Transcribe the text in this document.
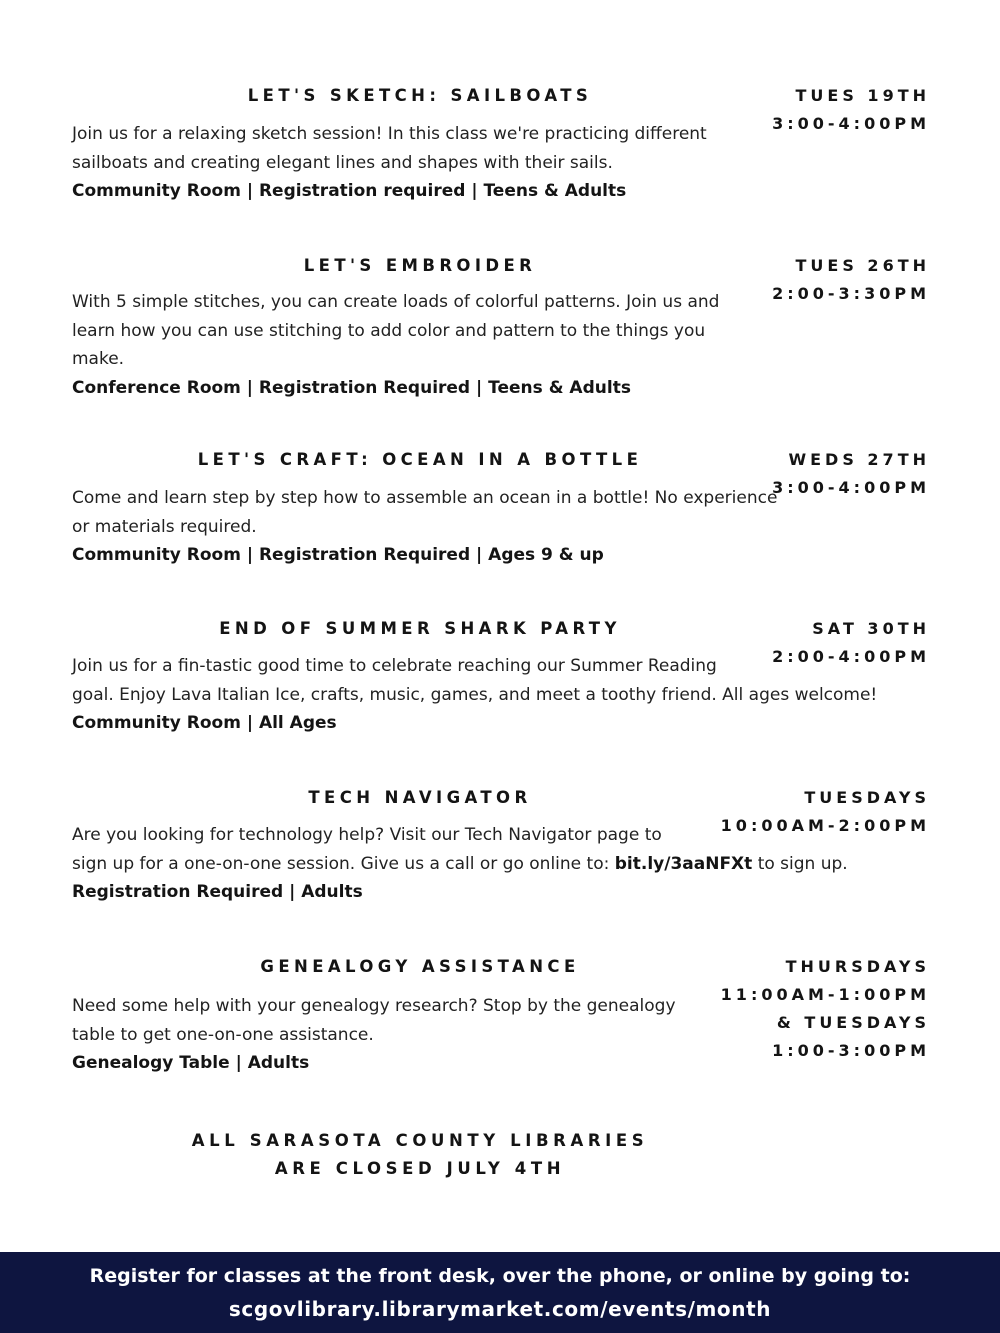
LET'S SKETCH: SAILBOATS	TUES 19TH
3:00-4:00PM
Join us for a relaxing sketch session! In this class we're practicing different
sailboats and creating elegant lines and shapes with their sails.
Community Room | Registration required | Teens & Adults
LET'S EMBROIDER	TUES 26TH
2:00-3:30PM
With 5 simple stitches, you can create loads of colorful patterns. Join us and
learn how you can use stitching to add color and pattern to the things you
make.
Conference Room | Registration Required | Teens & Adults
LET'S CRAFT: OCEAN IN A BOTTLE	WEDS 27TH
3:00-4:00PM
Come and learn step by step how to assemble an ocean in a bottle! No experience
or materials required.
Community Room | Registration Required | Ages 9 & up
END OF SUMMER SHARK PARTY	SAT 30TH
2:00-4:00PM
Join us for a fin-tastic good time to celebrate reaching our Summer Reading
goal. Enjoy Lava Italian Ice, crafts, music, games, and meet a toothy friend. All ages welcome!
Community Room | All Ages
TECH NAVIGATOR	TUESDAYS
10:00AM-2:00PM
Are you looking for technology help? Visit our Tech Navigator page to
sign up for a one-on-one session. Give us a call or go online to: bit.ly/3aaNFXt to sign up.
Registration Required | Adults
GENEALOGY ASSISTANCE	THURSDAYS
11:00AM-1:00PM
& TUESDAYS
1:00-3:00PM
Need some help with your genealogy research? Stop by the genealogy
table to get one-on-one assistance.
Genealogy Table | Adults
ALL SARASOTA COUNTY LIBRARIES
ARE CLOSED JULY 4TH
Register for classes at the front desk, over the phone, or online by going to:
scgovlibrary.librarymarket.com/events/month
